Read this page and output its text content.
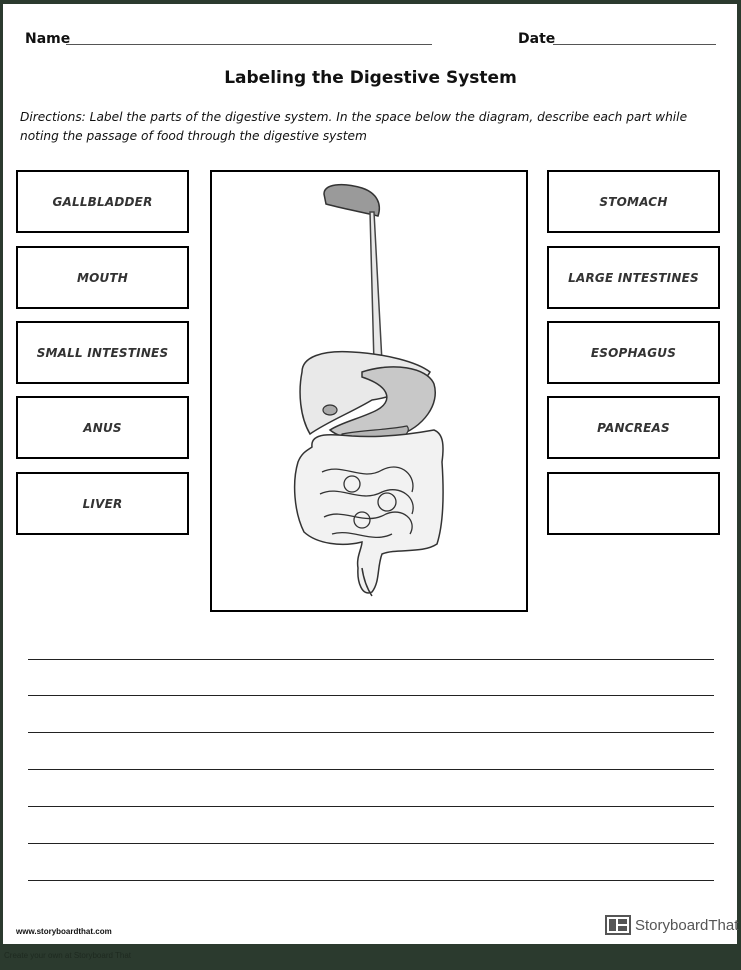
Name	Date
Labeling the Digestive System
Directions: Label the parts of the digestive system. In the space below the diagram, describe each part while noting the passage of food through the digestive system
GALLBLADDER
MOUTH
SMALL INTESTINES
ANUS
LIVER
STOMACH
LARGE INTESTINES
ESOPHAGUS
PANCREAS
www.storyboardthat.com	StoryboardThat
Create your own at Storyboard That
